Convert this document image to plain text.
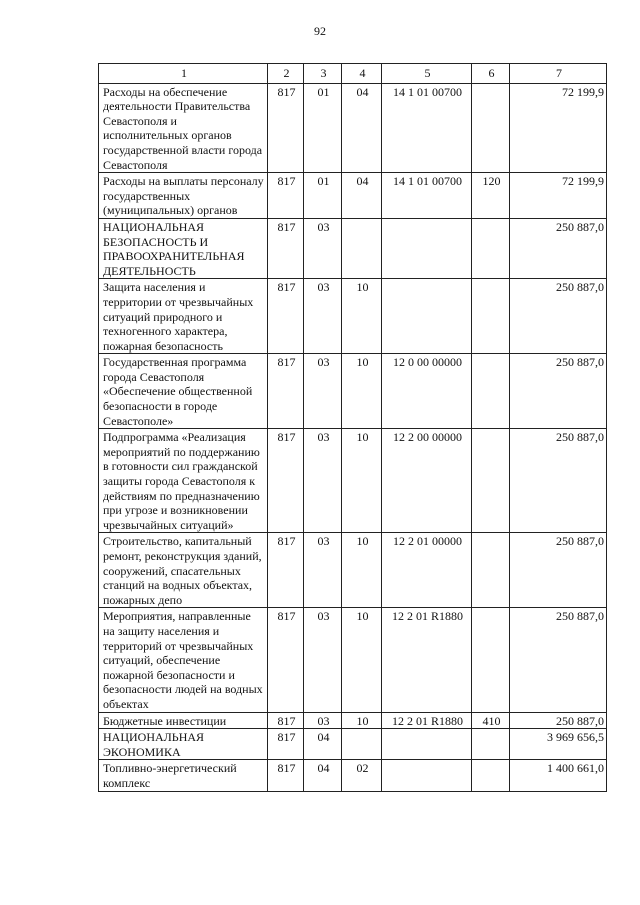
92
1	2	3	4	5	6	7
Расходы на обеспечение деятельности Правительства Севастополя и исполнительных органов государственной власти города Севастополя	817	01	04	14 1 01 00700		72 199,9
Расходы на выплаты персоналу государственных (муниципальных) органов	817	01	04	14 1 01 00700	120	72 199,9
НАЦИОНАЛЬНАЯ БЕЗОПАСНОСТЬ И ПРАВООХРАНИТЕЛЬНАЯ ДЕЯТЕЛЬНОСТЬ	817	03				250 887,0
Защита населения и территории от чрезвычайных ситуаций природного и техногенного характера, пожарная безопасность	817	03	10			250 887,0
Государственная программа города Севастополя «Обеспечение общественной безопасности в городе Севастополе»	817	03	10	12 0 00 00000		250 887,0
Подпрограмма «Реализация мероприятий по поддержанию в готовности сил гражданской защиты города Севастополя к действиям по предназначению при угрозе и возникновении чрезвычайных ситуаций»	817	03	10	12 2 00 00000		250 887,0
Строительство, капитальный ремонт, реконструкция зданий, сооружений, спасательных станций на водных объектах, пожарных депо	817	03	10	12 2 01 00000		250 887,0
Мероприятия, направленные на защиту населения и территорий от чрезвычайных ситуаций, обеспечение пожарной безопасности и безопасности людей на водных объектах	817	03	10	12 2 01 R1880		250 887,0
Бюджетные инвестиции	817	03	10	12 2 01 R1880	410	250 887,0
НАЦИОНАЛЬНАЯ ЭКОНОМИКА	817	04				3 969 656,5
Топливно-энергетический комплекс	817	04	02			1 400 661,0
